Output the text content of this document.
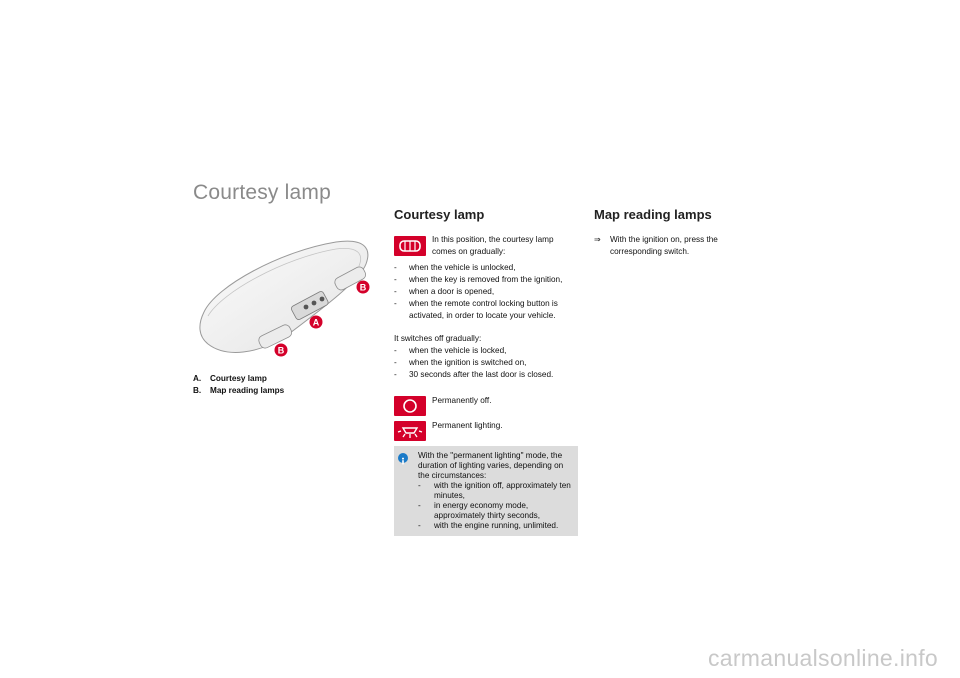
Courtesy lamp
A
B
B
A.	Courtesy lamp
B.	Map reading lamps
Courtesy lamp
In this position, the courtesy lamp comes on gradually:
-	when the vehicle is unlocked,
-	when the key is removed from the ignition,
-	when a door is opened,
-	when the remote control locking button is activated, in order to locate your vehicle.
It switches off gradually:
-	when the vehicle is locked,
-	when the ignition is switched on,
-	30 seconds after the last door is closed.
Permanently off.
Permanent lighting.
With the "permanent lighting" mode, the duration of lighting varies, depending on the circumstances:
-	with the ignition off, approximately ten minutes,
-	in energy economy mode, approximately thirty seconds,
-	with the engine running, unlimited.
Map reading lamps
⇒	With the ignition on, press the corresponding switch.
carmanualsonline.info
